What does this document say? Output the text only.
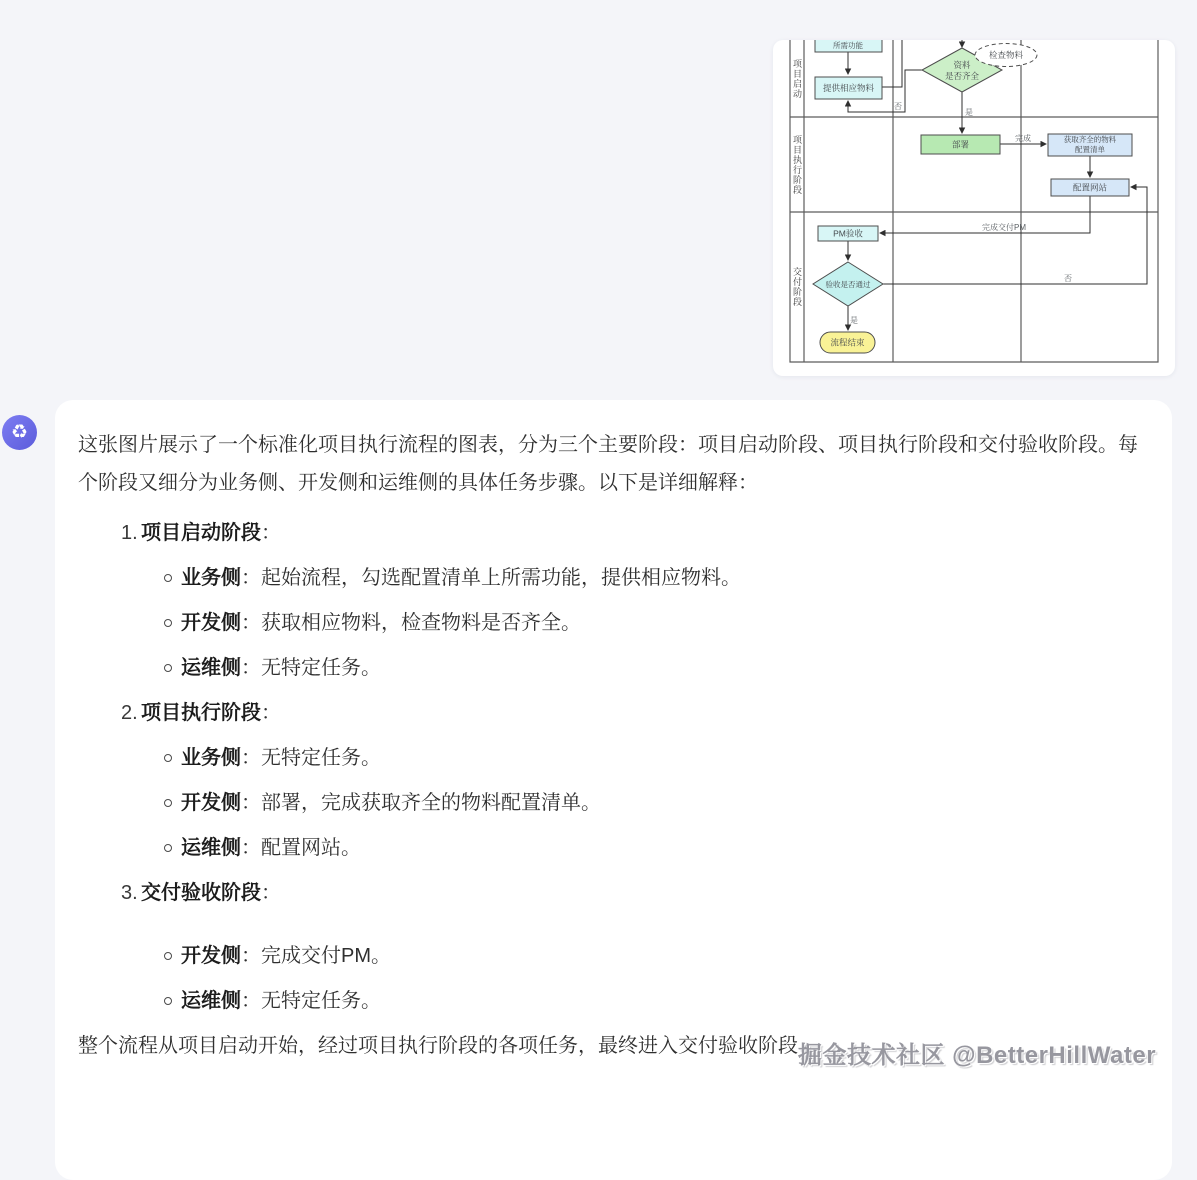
所需功能
提供相应物料
资料
是否齐全
检查物料
部署	获取齐全的物料
配置清单
配置网站
PM验收
验收是否通过
流程结束
否
是
完成
完成交付PM
否
是
项目启动
项目执行阶段
交付阶段
♻

这张图片展示了一个标准化项目执行流程的图表，分为三个主要阶段：项目启动阶段、项目执行阶段和交付验收阶段。每个阶段又细分为业务侧、开发侧和运维侧的具体任务步骤。以下是详细解释：

1. 项目启动阶段：
业务侧：起始流程，勾选配置清单上所需功能，提供相应物料。
开发侧：获取相应物料，检查物料是否齐全。
运维侧：无特定任务。
2. 项目执行阶段：
业务侧：无特定任务。
开发侧：部署，完成获取齐全的物料配置清单。
运维侧：配置网站。
3. 交付验收阶段：
开发侧：完成交付PM。
运维侧：无特定任务。

整个流程从项目启动开始，经过项目执行阶段的各项任务，最终进入交付验收阶段 掘金技术社区 @BetterHillWater
